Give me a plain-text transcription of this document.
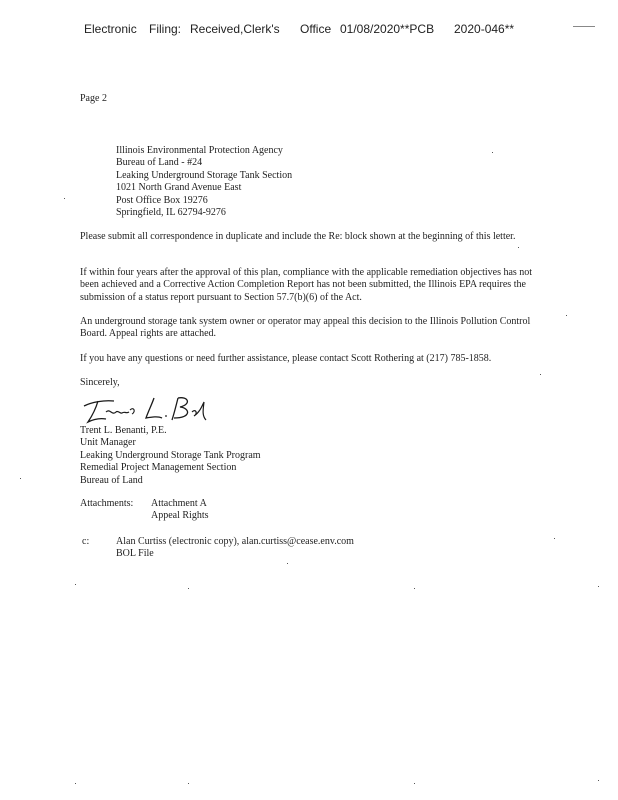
Electronic Filing: Received,Clerk's Office 01/08/2020**PCB 2020-046**
Page 2
Illinois Environmental Protection Agency
Bureau of Land - #24
Leaking Underground Storage Tank Section
1021 North Grand Avenue East
Post Office Box 19276
Springfield, IL 62794-9276
Please submit all correspondence in duplicate and include the Re: block shown at the beginning of this letter.
If within four years after the approval of this plan, compliance with the applicable remediation objectives has not been achieved and a Corrective Action Completion Report has not been submitted, the Illinois EPA requires the submission of a status report pursuant to Section 57.7(b)(6) of the Act.
An underground storage tank system owner or operator may appeal this decision to the Illinois Pollution Control Board. Appeal rights are attached.
If you have any questions or need further assistance, please contact Scott Rothering at (217) 785-1858.
Sincerely,
Trent L. Benanti, P.E.
Unit Manager
Leaking Underground Storage Tank Program
Remedial Project Management Section
Bureau of Land
Attachments: Attachment A
Appeal Rights
c:	Alan Curtiss (electronic copy), alan.curtiss@cease.env.com
BOL File
